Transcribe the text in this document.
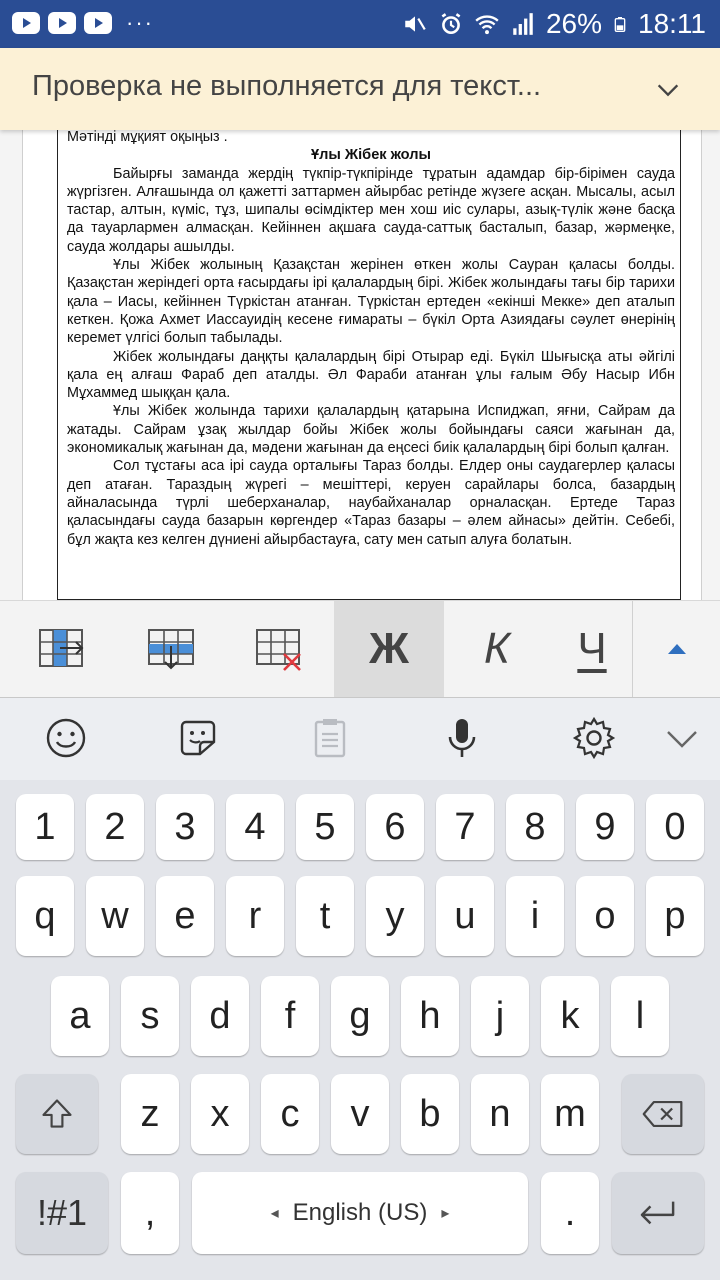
···	26% 18:11
Проверка не выполняется для текст...
Мәтінді мұқият оқыңыз .
Ұлы Жібек жолы

Байырғы заманда жердің түкпір-түкпірінде тұратын адамдар бір-бірімен сауда жүргізген. Алғашында ол қажетті заттармен айырбас ретінде жүзеге асқан. Мысалы, асыл тастар, алтын, күміс, тұз, шипалы өсімдіктер мен хош иіс сулары, азық-түлік және басқа да тауарлармен алмасқан. Кейіннен ақшаға сауда-саттық басталып, базар, жәрмеңке, сауда жолдары ашылды.

Ұлы Жібек жолының Қазақстан жерінен өткен жолы Сауран қаласы болды. Қазақстан жеріндегі орта ғасырдағы ірі қалалардың бірі. Жібек жолындағы тағы бір тарихи қала – Иасы, кейіннен Түркістан атанған. Түркістан ертеден «екінші Мекке» деп аталып кеткен. Қожа Ахмет Иассауидің кесене ғимараты – бүкіл Орта Азиядағы сәулет өнерінің керемет үлгісі болып табылады.

Жібек жолындағы даңқты қалалардың бірі Отырар еді. Бүкіл Шығысқа аты әйгілі қала ең алғаш Фараб деп аталды. Әл Фараби атанған ұлы ғалым Әбу Насыр Ибн Мұхаммед шыққан қала.

Ұлы Жібек жолында тарихи қалалардың қатарына Испиджап, яғни, Сайрам да жатады. Сайрам ұзақ жылдар бойы Жібек жолы бойындағы саяси жағынан да, экономикалық жағынан да, мәдени жағынан да еңсесі биік қалалардың бірі болып қалған.

Сол тұстағы аса ірі сауда орталығы Тараз болды. Елдер оны саудагерлер қаласы деп атаған. Тараздың жүрегі – мешіттері, керуен сарайлары болса, базардың айналасында түрлі шеберханалар, наубайханалар орналасқан. Ертеде Тараз қаласындағы сауда базарын көргендер «Тараз базары – әлем айнасы» дейтін. Себебі, бұл жақта кез келген дүниені айырбастауға, сату мен сатып алуға болатын.

Ж К Ч
1	2	3	4	5	6	7	8	9	0
q	w	e	r	t	y	u	i	o	p
a	s	d	f	g	h	j	k	l
z	x	c	v	b	n	m
!#1	,	◂ English (US) ▸	.
